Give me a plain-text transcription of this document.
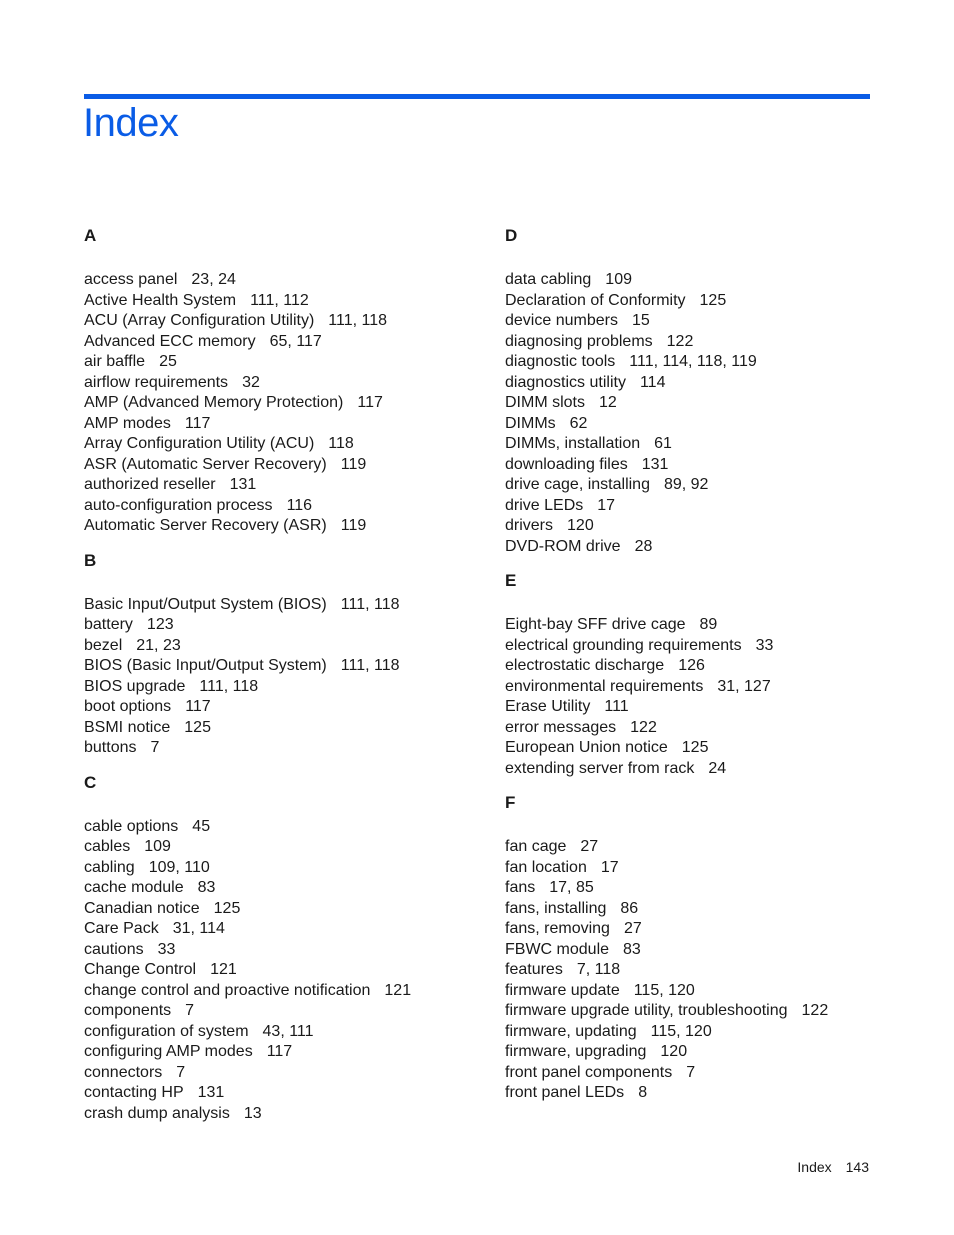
Index
A
access panel 23, 24
Active Health System 111, 112
ACU (Array Configuration Utility) 111, 118
Advanced ECC memory 65, 117
air baffle 25
airflow requirements 32
AMP (Advanced Memory Protection) 117
AMP modes 117
Array Configuration Utility (ACU) 118
ASR (Automatic Server Recovery) 119
authorized reseller 131
auto-configuration process 116
Automatic Server Recovery (ASR) 119
B
Basic Input/Output System (BIOS) 111, 118
battery 123
bezel 21, 23
BIOS (Basic Input/Output System) 111, 118
BIOS upgrade 111, 118
boot options 117
BSMI notice 125
buttons 7
C
cable options 45
cables 109
cabling 109, 110
cache module 83
Canadian notice 125
Care Pack 31, 114
cautions 33
Change Control 121
change control and proactive notification 121
components 7
configuration of system 43, 111
configuring AMP modes 117
connectors 7
contacting HP 131
crash dump analysis 13
D
data cabling 109
Declaration of Conformity 125
device numbers 15
diagnosing problems 122
diagnostic tools 111, 114, 118, 119
diagnostics utility 114
DIMM slots 12
DIMMs 62
DIMMs, installation 61
downloading files 131
drive cage, installing 89, 92
drive LEDs 17
drivers 120
DVD-ROM drive 28
E
Eight-bay SFF drive cage 89
electrical grounding requirements 33
electrostatic discharge 126
environmental requirements 31, 127
Erase Utility 111
error messages 122
European Union notice 125
extending server from rack 24
F
fan cage 27
fan location 17
fans 17, 85
fans, installing 86
fans, removing 27
FBWC module 83
features 7, 118
firmware update 115, 120
firmware upgrade utility, troubleshooting 122
firmware, updating 115, 120
firmware, upgrading 120
front panel components 7
front panel LEDs 8
Index 143
